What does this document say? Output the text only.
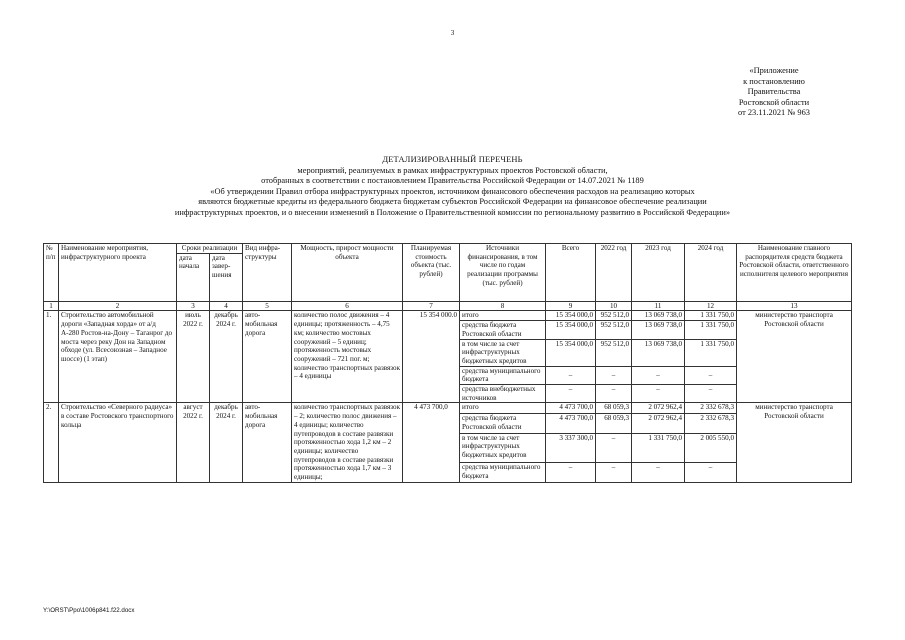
3
«Приложение
к постановлению
Правительства
Ростовской области
от 23.11.2021 № 963
ДЕТАЛИЗИРОВАННЫЙ ПЕРЕЧЕНЬ
мероприятий, реализуемых в рамках инфраструктурных проектов Ростовской области,
отобранных в соответствии с постановлением Правительства Российской Федерации от 14.07.2021 № 1189
«Об утверждении Правил отбора инфраструктурных проектов, источником финансового обеспечения расходов на реализацию которых
являются бюджетные кредиты из федерального бюджета бюджетам субъектов Российской Федерации на финансовое обеспечение реализации
инфраструктурных проектов, и о внесении изменений в Положение о Правительственной комиссии по региональному развитию в Российской Федерации»
№ п/п	Наименование мероприятия, инфраструктурного проекта	Сроки реализации		Вид инфра-структуры	Мощность, прирост мощности объекта	Планируемая стоимость объекта (тыс. рублей)	Источники финансирования, в том числе по годам реализации программы (тыс. рублей)	Всего	2022 год	2023 год	2024 год	Наименование главного распорядителя средств бюджета Ростовской области, ответственного исполнителя целевого мероприятия
		дата начала	дата завер-шения									
1	2	3	4	5	6	7	8	9	10	11	12	13
1.	Строительство автомобильной дороги «Западная хорда» от а/д А-280 Ростов-на-Дону – Таганрог до моста через реку Дон на Западном обходе (ул. Всесоюзная – Западное шоссе) (1 этап)	июль 2022 г.	декабрь 2024 г.	авто-мобильная дорога	количество полос движения – 4 единицы; протяженность – 4,75 км; количество мостовых сооружений – 5 единиц; протяженность мостовых сооружений – 721 пог. м; количество транспортных развязок – 4 единицы	15 354 000.0	итого	15 354 000,0	952 512,0	13 069 738,0	1 331 750,0	министерство транспорта Ростовской области
							средства бюджета Ростовской области	15 354 000,0	952 512,0	13 069 738,0	1 331 750,0	
							в том числе за счет инфраструктурных бюджетных кредитов	15 354 000,0	952 512,0	13 069 738,0	1 331 750,0	
							средства муниципального бюджета	–	–	–	–	
							средства внебюджетных источников	–	–	–	–	
2.	Строительство «Северного радиуса» в составе Ростовского транспортного кольца	август 2022 г.	декабрь 2024 г.	авто-мобильная дорога	количество транспортных развязок – 2; количество полос движения – 4 единицы; количество путепроводов в составе развязки протяженностью хода 1,2 км – 2 единицы; количество путепроводов в составе развязки протяженностью хода 1,7 км – 3 единицы;	4 473 700,0	итого	4 473 700,0	68 059,3	2 072 962,4	2 332 678,3	министерство транспорта Ростовской области
							средства бюджета Ростовской области	4 473 700,0	68 059,3	2 072 962,4	2 332 678,3	
							в том числе за счет инфраструктурных бюджетных кредитов	3 337 300,0	–	1 331 750,0	2 005 550,0	
							средства муниципального бюджета	–	–	–	–	
Y:\ORST\Ppo\1006p841.f22.docx
